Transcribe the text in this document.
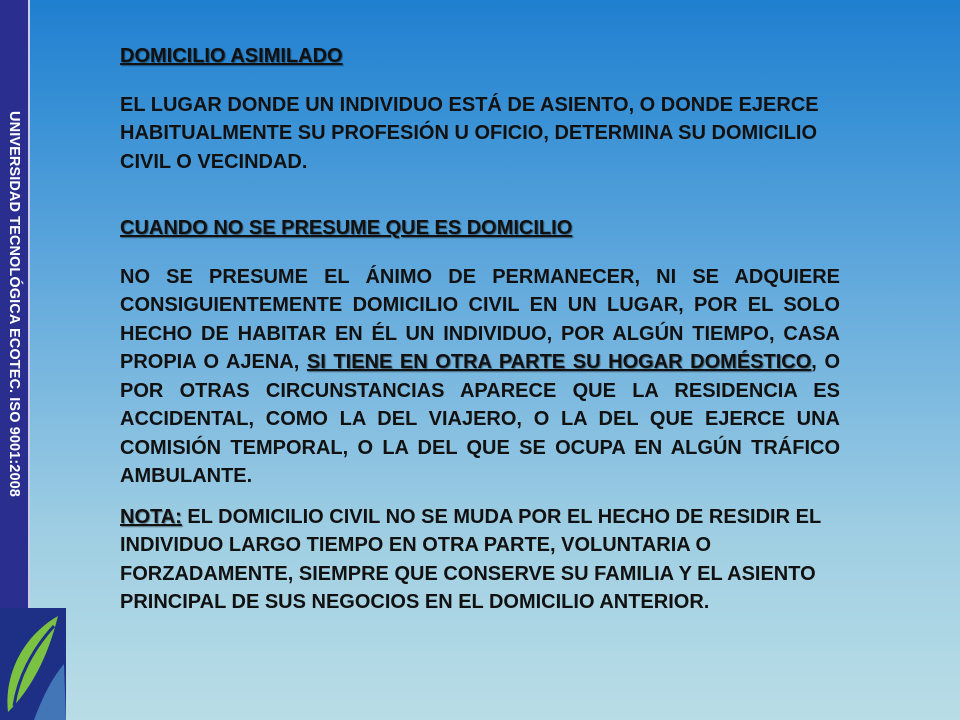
UNIVERSIDAD TECNOLÓGICA ECOTEC. ISO 9001:2008
DOMICILIO ASIMILADO

EL LUGAR DONDE UN INDIVIDUO ESTÁ DE ASIENTO, O DONDE EJERCE HABITUALMENTE SU PROFESIÓN U OFICIO, DETERMINA SU DOMICILIO CIVIL O VECINDAD.

CUANDO NO SE PRESUME QUE ES DOMICILIO

NO SE PRESUME EL ÁNIMO DE PERMANECER, NI SE ADQUIERE CONSIGUIENTEMENTE DOMICILIO CIVIL EN UN LUGAR, POR EL SOLO HECHO DE HABITAR EN ÉL UN INDIVIDUO, POR ALGÚN TIEMPO, CASA PROPIA O AJENA, SI TIENE EN OTRA PARTE SU HOGAR DOMÉSTICO, O POR OTRAS CIRCUNSTANCIAS APARECE QUE LA RESIDENCIA ES ACCIDENTAL, COMO LA DEL VIAJERO, O LA DEL QUE EJERCE UNA COMISIÓN TEMPORAL, O LA DEL QUE SE OCUPA EN ALGÚN TRÁFICO AMBULANTE.

NOTA: EL DOMICILIO CIVIL NO SE MUDA POR EL HECHO DE RESIDIR EL INDIVIDUO LARGO TIEMPO EN OTRA PARTE, VOLUNTARIA O FORZADAMENTE, SIEMPRE QUE CONSERVE SU FAMILIA Y EL ASIENTO PRINCIPAL DE SUS NEGOCIOS EN EL DOMICILIO ANTERIOR.
